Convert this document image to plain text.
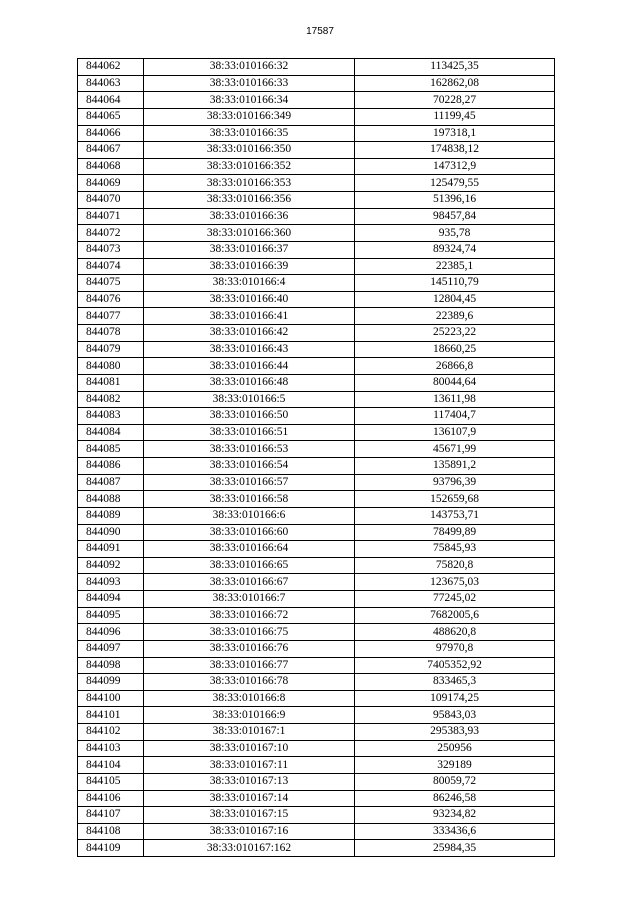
17587
844062	38:33:010166:32	113425,35
844063	38:33:010166:33	162862,08
844064	38:33:010166:34	70228,27
844065	38:33:010166:349	11199,45
844066	38:33:010166:35	197318,1
844067	38:33:010166:350	174838,12
844068	38:33:010166:352	147312,9
844069	38:33:010166:353	125479,55
844070	38:33:010166:356	51396,16
844071	38:33:010166:36	98457,84
844072	38:33:010166:360	935,78
844073	38:33:010166:37	89324,74
844074	38:33:010166:39	22385,1
844075	38:33:010166:4	145110,79
844076	38:33:010166:40	12804,45
844077	38:33:010166:41	22389,6
844078	38:33:010166:42	25223,22
844079	38:33:010166:43	18660,25
844080	38:33:010166:44	26866,8
844081	38:33:010166:48	80044,64
844082	38:33:010166:5	13611,98
844083	38:33:010166:50	117404,7
844084	38:33:010166:51	136107,9
844085	38:33:010166:53	45671,99
844086	38:33:010166:54	135891,2
844087	38:33:010166:57	93796,39
844088	38:33:010166:58	152659,68
844089	38:33:010166:6	143753,71
844090	38:33:010166:60	78499,89
844091	38:33:010166:64	75845,93
844092	38:33:010166:65	75820,8
844093	38:33:010166:67	123675,03
844094	38:33:010166:7	77245,02
844095	38:33:010166:72	7682005,6
844096	38:33:010166:75	488620,8
844097	38:33:010166:76	97970,8
844098	38:33:010166:77	7405352,92
844099	38:33:010166:78	833465,3
844100	38:33:010166:8	109174,25
844101	38:33:010166:9	95843,03
844102	38:33:010167:1	295383,93
844103	38:33:010167:10	250956
844104	38:33:010167:11	329189
844105	38:33:010167:13	80059,72
844106	38:33:010167:14	86246,58
844107	38:33:010167:15	93234,82
844108	38:33:010167:16	333436,6
844109	38:33:010167:162	25984,35
